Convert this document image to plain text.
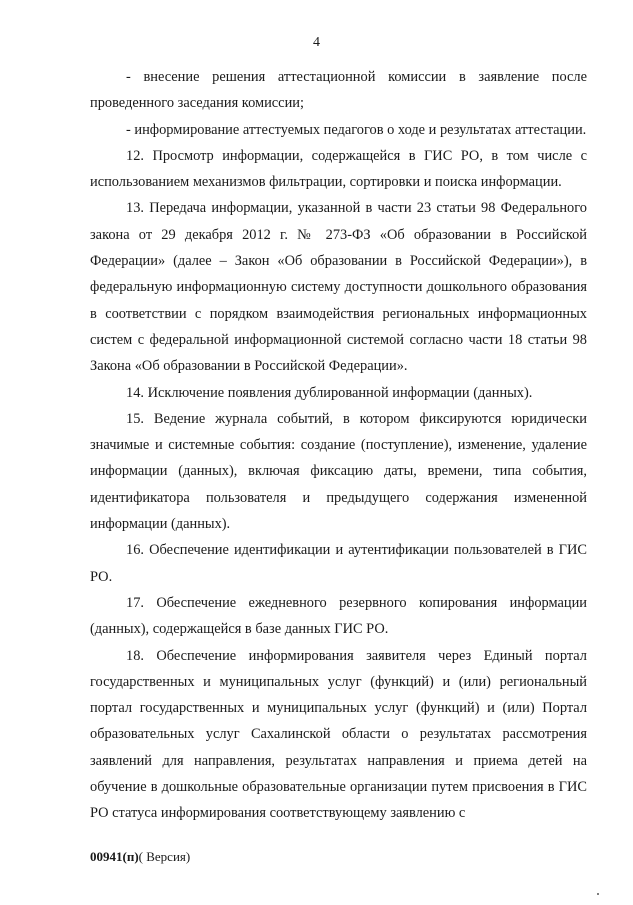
4

- внесение решения аттестационной комиссии в заявление после проведенного заседания комиссии;

- информирование аттестуемых педагогов о ходе и результатах аттестации.

12. Просмотр информации, содержащейся в ГИС РО, в том числе с использованием механизмов фильтрации, сортировки и поиска информации.

13. Передача информации, указанной в части 23 статьи 98 Федерального закона от 29 декабря 2012 г. № 273-ФЗ «Об образовании в Российской Федерации» (далее – Закон «Об образовании в Российской Федерации»), в федеральную информационную систему доступности дошкольного образования в соответствии с порядком взаимодействия региональных информационных систем с федеральной информационной системой согласно части 18 статьи 98 Закона «Об образовании в Российской Федерации».

14. Исключение появления дублированной информации (данных).

15. Ведение журнала событий, в котором фиксируются юридически значимые и системные события: создание (поступление), изменение, удаление информации (данных), включая фиксацию даты, времени, типа события, идентификатора пользователя и предыдущего содержания измененной информации (данных).

16. Обеспечение идентификации и аутентификации пользователей в ГИС РО.

17. Обеспечение ежедневного резервного копирования информации (данных), содержащейся в базе данных ГИС РО.

18. Обеспечение информирования заявителя через Единый портал государственных и муниципальных услуг (функций) и (или) региональный портал государственных и муниципальных услуг (функций) и (или) Портал образовательных услуг Сахалинской области о результатах рассмотрения заявлений для направления, результатах направления и приема детей на обучение в дошкольные образовательные организации путем присвоения в ГИС РО статуса информирования соответствующему заявлению с

00941(п)( Версия)
